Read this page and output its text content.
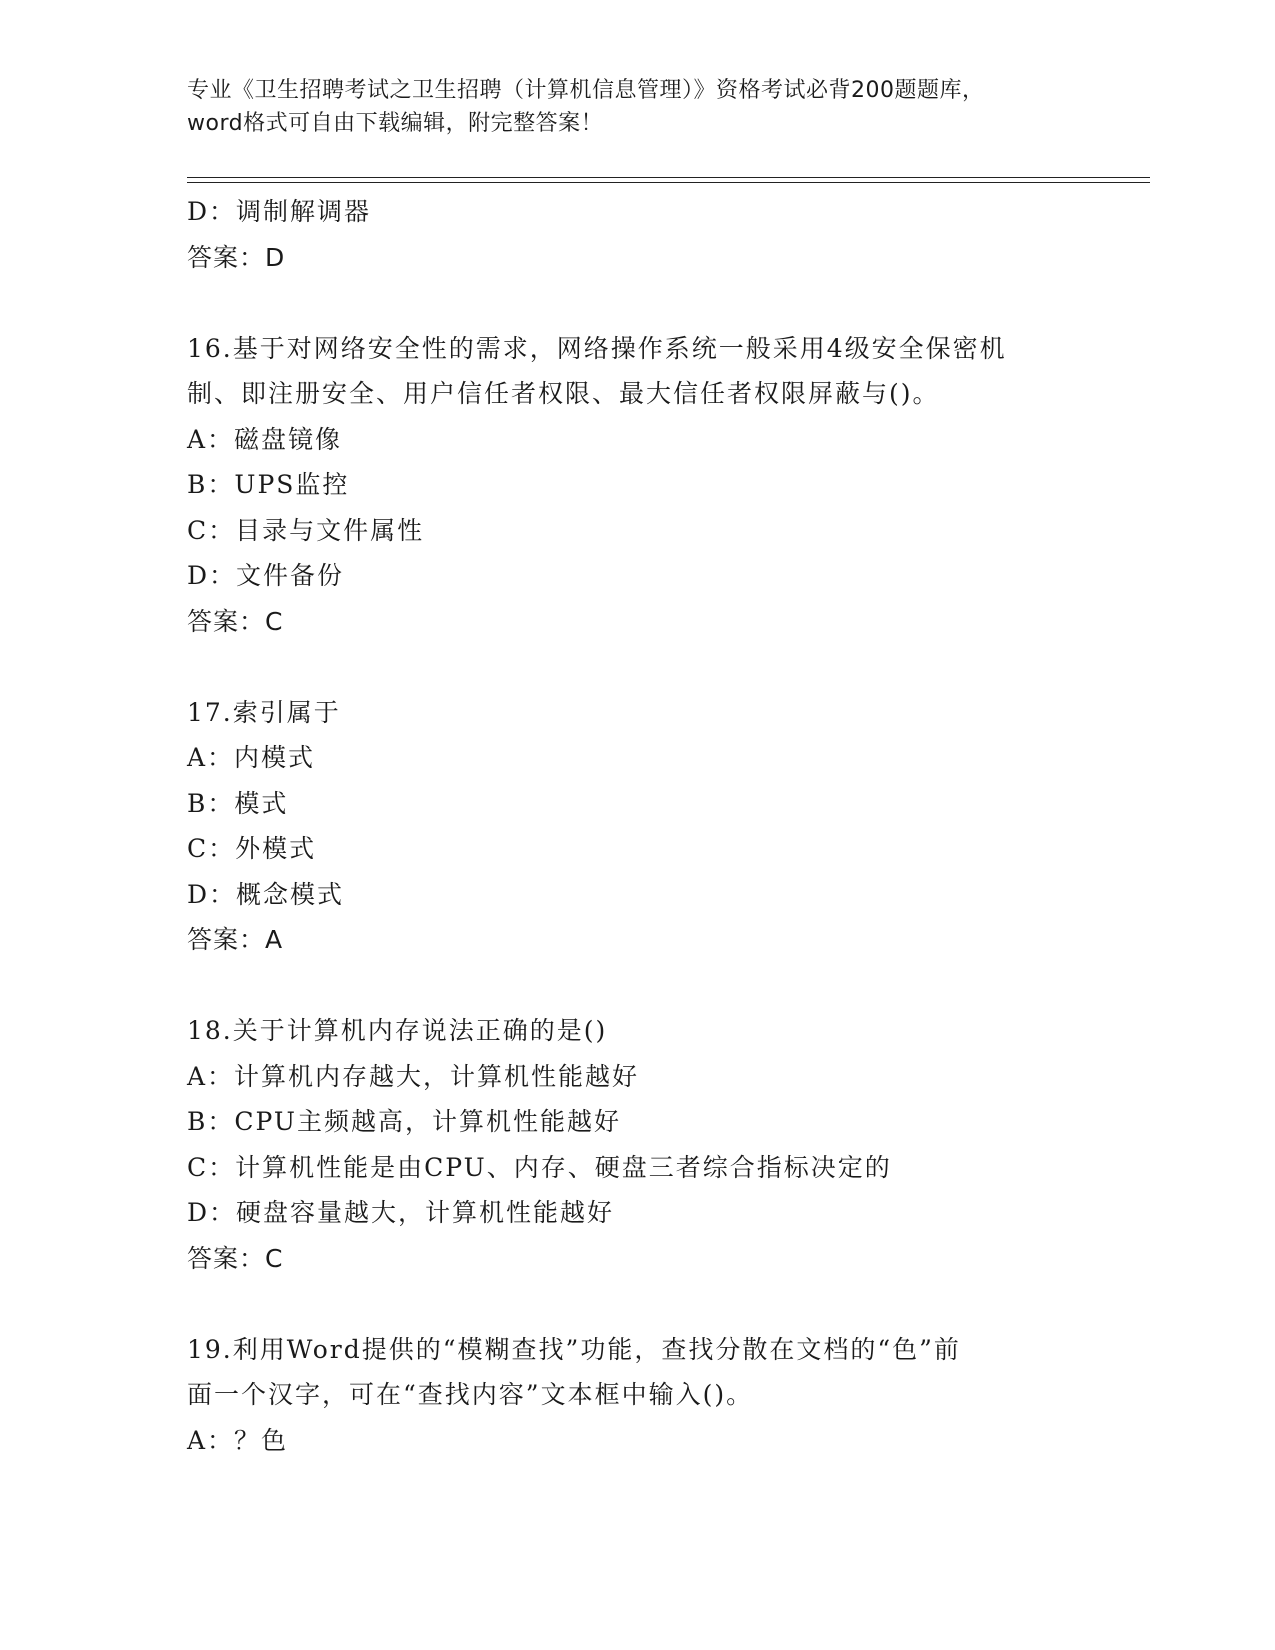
专业《卫生招聘考试之卫生招聘（计算机信息管理）》资格考试必背200题题库，
word格式可自由下载编辑，附完整答案！
D：调制解调器
答案：D
16.基于对网络安全性的需求，网络操作系统一般采用4级安全保密机
制、即注册安全、用户信任者权限、最大信任者权限屏蔽与()。
A：磁盘镜像
B：UPS监控
C：目录与文件属性
D：文件备份
答案：C
17.索引属于
A：内模式
B：模式
C：外模式
D：概念模式
答案：A
18.关于计算机内存说法正确的是()
A：计算机内存越大，计算机性能越好
B：CPU主频越高，计算机性能越好
C：计算机性能是由CPU、内存、硬盘三者综合指标决定的
D：硬盘容量越大，计算机性能越好
答案：C
19.利用Word提供的“模糊查找”功能，查找分散在文档的“色”前
面一个汉字，可在“查找内容”文本框中输入()。
A：？色
